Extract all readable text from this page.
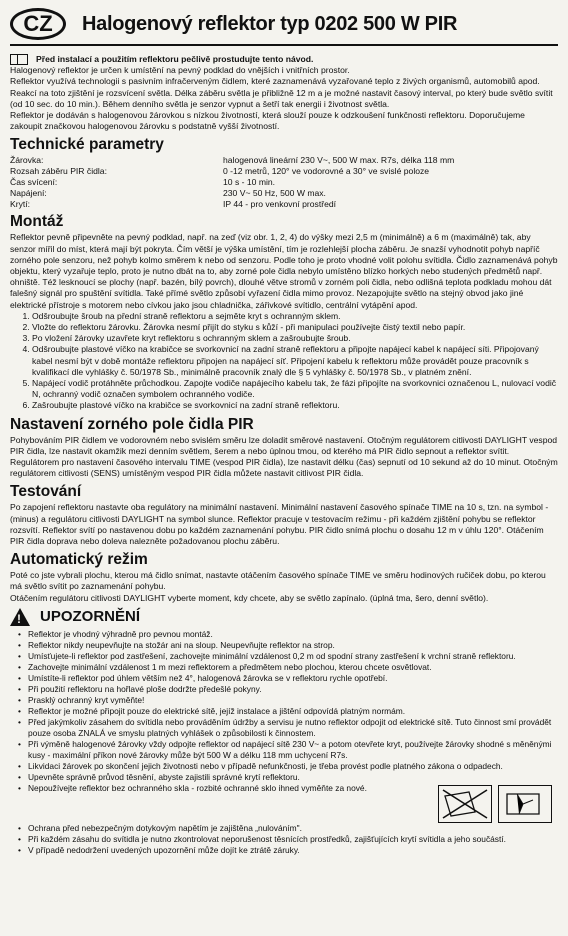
CZ	Halogenový reflektor typ 0202 500 W PIR
Před instalací a použitím reflektoru pečlivě prostudujte tento návod.
Halogenový reflektor je určen k umístění na pevný podklad do vnějších i vnitřních prostor.
Reflektor využívá technologii s pasivním infračerveným čidlem, které zaznamenává vyzařované teplo z živých organismů, automobilů apod. Reakcí na toto zjištění je rozsvícení světla. Délka záběru světla je přibližně 12 m a je možné nastavit časový interval, po který bude světlo svítit (od 10 sec. do 10 min.). Během denního světla je senzor vypnut a šetří tak energii i životnost světla.
Reflektor je dodáván s halogenovou žárovkou s nízkou životností, která slouží pouze k odzkoušení funkčnosti reflektoru. Doporučujeme zakoupit značkovou halogenovou žárovku s podstatně vyšší životností.
Technické parametry
Žárovka:	halogenová lineární 230 V~, 500 W max. R7s, délka 118 mm
Rozsah záběru PIR čidla:	0 -12 metrů, 120° ve vodorovné a 30° ve svislé poloze
Čas svícení:	10 s - 10 min.
Napájení:	230 V~ 50 Hz, 500 W max.
Krytí:	IP 44 - pro venkovní prostředí
Montáž
Reflektor pevně připevněte na pevný podklad, např. na zeď (viz obr. 1, 2, 4) do výšky mezi 2,5 m (minimálně) a 6 m (maximálně) tak, aby senzor mířil do míst, která mají být pokryta. Čím větší je výška umístění, tím je rozlehlejší plocha záběru. Je snazší vyhodnotit pohyb napříč zorného pole senzoru, než pohyb kolmo směrem k nebo od senzoru. Podle toho je proto vhodné volit polohu svítidla. Čidlo zaznamenává pohyb objektu, který vyzařuje teplo, proto je nutno dbát na to, aby zorné pole čidla nebylo umístěno blízko horkých nebo studených předmětů např. ohniště. Též lesknoucí se plochy (např. bazén, bílý povrch), dlouhé větve stromů v zorném poli čidla, nebo odlišná teplota podkladu mohou dát falešný signál pro spuštění svítidla. Také přímé světlo způsobí vyřazení čidla mimo provoz. Nezapojujte světlo na stejný obvod jako jiné elektrické přístroje s motorem nebo cívkou jako jsou chladnička, zářivkové svítidlo, centrální vytápění apod.
1. Odšroubujte šroub na přední straně reflektoru a sejměte kryt s ochranným sklem.
2. Vložte do reflektoru žárovku. Žárovka nesmí přijít do styku s kůží - při manipulaci používejte čistý textil nebo papír.
3. Po vložení žárovky uzavřete kryt reflektoru s ochranným sklem a zašroubujte šroub.
4. Odšroubujte plastové víčko na krabičce se svorkovnicí na zadní straně reflektoru a připojte napájecí kabel k napájecí síti. Připojovaný kabel nesmí být v době montáže reflektoru připojen na napájecí síť. Připojení kabelu k reflektoru může provádět pouze pracovník s kvalifikací dle vyhlášky č. 50/1978 Sb., minimálně pracovník znalý dle § 5 vyhlášky č. 50/1978 Sb., v platném znění.
5. Napájecí vodič protáhněte průchodkou. Zapojte vodiče napájecího kabelu tak, že fázi připojíte na svorkovnici označenou L, nulovací vodič N, ochranný vodič označen symbolem ochranného vodiče.
6. Zašroubujte plastové víčko na krabičce se svorkovnicí na zadní straně reflektoru.
Nastavení zorného pole čidla PIR
Pohybováním PIR čidlem ve vodorovném nebo svislém směru lze doladit směrové nastavení. Otočným regulátorem citlivosti DAYLIGHT vespod PIR čidla, lze nastavit okamžik mezi denním světlem, šerem a nebo úplnou tmou, od kterého má PIR čidlo sepnout a reflektor svítit. Regulátorem pro nastavení časového intervalu TIME (vespod PIR čidla), lze nastavit délku (čas) sepnutí od 10 sekund až do 10 minut. Otočným regulátorem citlivosti (SENS) umístěným vespod PIR čidla můžete nastavit citlivost PIR čidla.
Testování
Po zapojení reflektoru nastavte oba regulátory na minimální nastavení. Minimální nastavení časového spínače TIME na 10 s, tzn. na symbol - (minus) a regulátoru citlivosti DAYLIGHT na symbol slunce. Reflektor pracuje v testovacím režimu - při každém zjištění pohybu se reflektor rozsvítí. Reflektor svítí po nastavenou dobu po každém zaznamenání pohybu. PIR čidlo snímá plochu o dosahu 12 m v úhlu 120°. Otáčením PIR čidla dopravа nebo doleva nalezněte požadovanou plochu záběru.
Automatický režim
Poté co jste vybrali plochu, kterou má čidlo snímat, nastavte otáčením časového spínače TIME ve směru hodinových ručiček dobu, po kterou má světlo svítit po zaznamenání pohybu.
Otáčením regulátoru citlivosti DAYLIGHT vyberte moment, kdy chcete, aby se světlo zapínalo. (úplná tma, šero, denní světlo).
! UPOZORNĚNÍ
• Reflektor je vhodný výhradně pro pevnou montáž.
• Reflektor nikdy neupevňujte na stožár ani na sloup. Neupevňujte reflektor na strop.
• Umísťujete-li reflektor pod zastřešení, zachovejte minimální vzdálenost 0,2 m od spodní strany zastřešení k vrchní straně reflektoru.
• Zachovejte minimální vzdálenost 1 m mezi reflektorem a předmětem nebo plochou, kterou chcete osvětlovat.
• Umístíte-li reflektor pod úhlem větším než 4°, halogenová žárovka se v reflektoru rychle opotřebí.
• Při použití reflektoru na hořlavé ploše dodržte předešlé pokyny.
• Prasklý ochranný kryt vyměňte!
• Reflektor je možné připojit pouze do elektrické sítě, jejíž instalace a jištění odpovídá platným normám.
• Před jakýmkoliv zásahem do svítidla nebo prováděním údržby a servisu je nutno reflektor odpojit od elektrické sítě. Tuto činnost smí provádět pouze osoba ZNALÁ ve smyslu platných vyhlášek o způsobilosti k činnostem.
• Při výměně halogenové žárovky vždy odpojte reflektor od napájecí sítě 230 V~ a potom otevřete kryt, používejte žárovky shodné s měněnými kusy - maximální příkon nové žárovky může být 500 W a délku 118 mm uchycení R7s.
• Likvidaci žárovek po skončení jejich životnosti nebo v případě nefunkčnosti, je třeba provést podle platného zákona o odpadech.
• Upevněte správně průvod těsnění, abyste zajistili správné krytí reflektoru.
• Nepoužívejte reflektor bez ochranného skla - rozbité ochranné sklo ihned vyměňte za nové.
• Ochrana před nebezpečným dotykovým napětím je zajištěna „nulováním".
• Při každém zásahu do svítidla je nutno zkontrolovat neporušenost těsnících prostředků, zajišťujících krytí svítidla a jeho součástí.
• V případě nedodržení uvedených upozornění může dojít ke ztrátě záruky.
